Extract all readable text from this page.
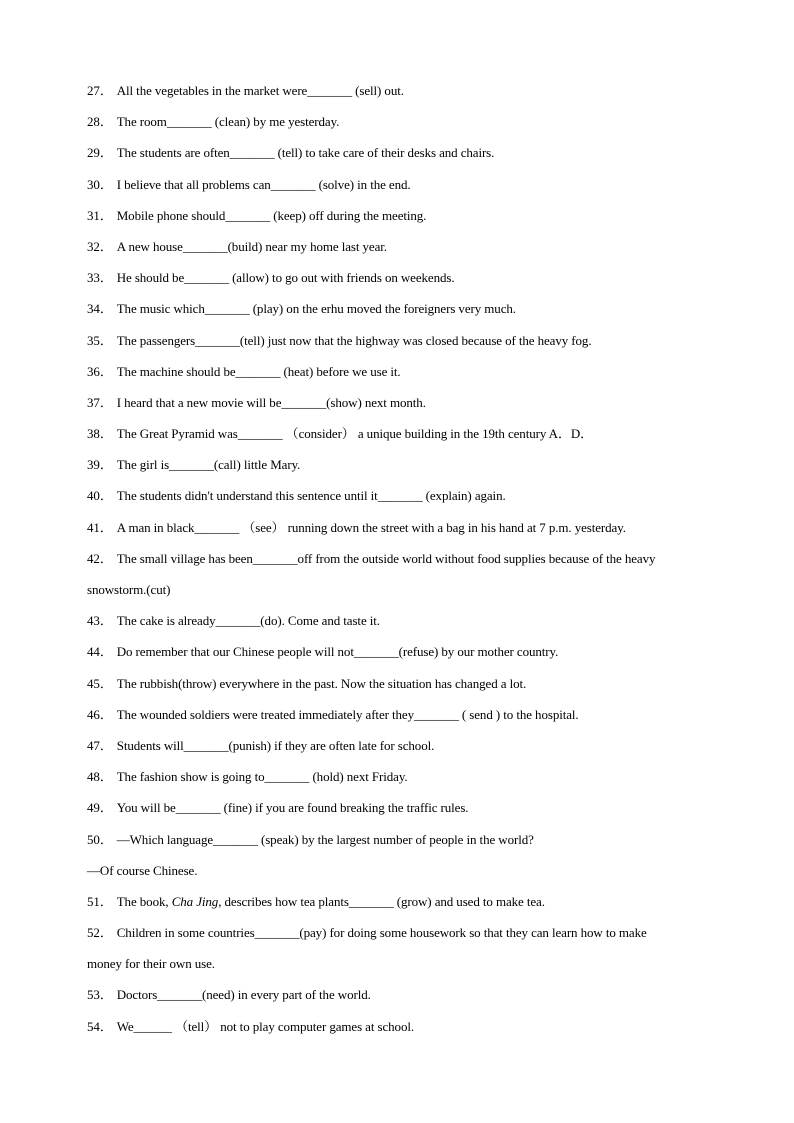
27． All the vegetables in the market were_______ (sell) out.
28． The room_______ (clean) by me yesterday.
29． The students are often_______ (tell) to take care of their desks and chairs.
30． I believe that all problems can_______ (solve) in the end.
31． Mobile phone should_______ (keep) off during the meeting.
32． A new house_______(build) near my home last year.
33． He should be_______ (allow) to go out with friends on weekends.
34． The music which_______ (play) on the erhu moved the foreigners very much.
35． The passengers_______(tell) just now that the highway was closed because of the heavy fog.
36． The machine should be_______ (heat) before we use it.
37． I heard that a new movie will be_______(show) next month.
38． The Great Pyramid was_______ （consider） a unique building in the 19th century A．D．
39． The girl is_______(call) little Mary.
40． The students didn't understand this sentence until it_______ (explain) again.
41． A man in black_______ （see） running down the street with a bag in his hand at 7 p.m. yesterday.
42． The small village has been_______off from the outside world without food supplies because of the heavy
snowstorm.(cut)
43． The cake is already_______(do). Come and taste it.
44． Do remember that our Chinese people will not_______(refuse) by our mother country.
45． The rubbish(throw) everywhere in the past. Now the situation has changed a lot.
46． The wounded soldiers were treated immediately after they_______ ( send ) to the hospital.
47． Students will_______(punish) if they are often late for school.
48． The fashion show is going to_______ (hold) next Friday.
49． You will be_______ (fine) if you are found breaking the traffic rules.
50． —Which language_______ (speak) by the largest number of people in the world?
—Of course Chinese.
51． The book, Cha Jing, describes how tea plants_______ (grow) and used to make tea.
52． Children in some countries_______(pay) for doing some housework so that they can learn how to make
money for their own use.
53． Doctors_______(need) in every part of the world.
54． We______ （tell） not to play computer games at school.
